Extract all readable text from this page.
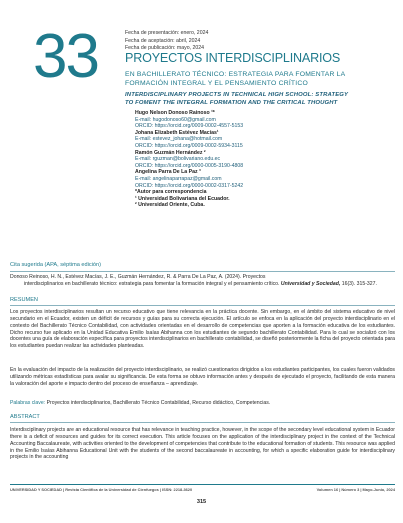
33	Fecha de presentación: enero, 2024
Fecha de aceptación: abril, 2024
Fecha de publicación: mayo, 2024
PROYECTOS INTERDISCIPLINARIOS
EN BACHILLERATO TÉCNICO: ESTRATEGIA PARA FOMENTAR LA
FORMACIÓN INTEGRAL Y EL PENSAMIENTO CRÍTICO
INTERDISCIPLINARY PROJECTS IN TECHNICAL HIGH SCHOOL: STRATEGY
TO FOMENT THE INTEGRAL FORMATION AND THE CRITICAL THOUGHT
Hugo Nelson Donoso Rainoso ¹*
E-mail: hugodonoso60@gmail.com
ORCID: https://orcid.org/0009-0002-4557-5153
Johana Elizabeth Estévez Macías¹
E-mail: estevez_johana@hotmail.com
ORCID: https://orcid.org/0009-0002-5934-3115
Ramón Guzmán Hernández ²
E-mail: rguzman@bolivariano.edu.ec
ORCID: https://orcid.org/0000-0005-3190-4808
Angelina Parra De La Paz ³
E-mail: angelinaparrapaz@gmail.com
ORCID: https://orcid.org/0000-0002-0317-5242
*Autor para correspondencia
¹ Universidad Bolivariana del Ecuador.
² Universidad Oriente, Cuba.
Cita sugerida (APA, séptima edición)
Donoso Reinoso, H. N., Estévez Macías, J. E., Guzmán Hernández, R. & Parra De La Paz, A. (2024). Proyectos
interdisciplinarios en bachillerato técnico: estrategia para fomentar la formación integral y el pensamiento crítico. Universidad y Sociedad, 16(3). 315-327.
RESUMEN
Los proyectos interdisciplinarios resultan un recurso educativo que tiene relevancia en la práctica docente. Sin embargo, en el ámbito del sistema educativo de nivel secundario en el Ecuador, existen un déficit de recursos y guías para su correcta ejecución. El artículo se enfoca en la aplicación del proyecto interdisciplinario en el contexto del Bachillerato Técnico Contabilidad, con actividades orientadas en el desarrollo de competencias que aporten a la formación educativa de los estudiantes. Dicho recurso fue aplicado en la Unidad Educativa Emilio Isaías Abihanna con los estudiantes de segundo bachillerato Contabilidad. Para lo cual se socializó con los docentes una guía de elaboración específica para proyectos interdisciplinarios en bachillerato contabilidad, se diseñó posteriormente la ficha del proyecto orientada para los estudiantes puedan realizar las actividades planteadas.
En la evaluación del impacto de la realización del proyecto interdisciplinario, se realizó cuestionarios dirigidos a los estudiantes participantes, los cuales fueron validados utilizando métricas estadísticas para avalar su significancia. De esta forma se obtuvo información antes y después de ejecutado el proyecto, facilitando de esta manera la valoración del aporte e impacto dentro del proceso de enseñanza – aprendizaje.
Palabras clave: Proyectos interdisciplinarios, Bachillerato Técnico Contabilidad, Recurso didáctico, Competencias.
ABSTRACT
Interdisciplinary projects are an educational resource that has relevance in teaching practice, however, in the scope of the secondary level educational system in Ecuador there is a deficit of resources and guides for its correct execution. This article focuses on the application of the interdisciplinary project in the context of the Technical Accounting Baccalaureate, with activities oriented to the development of competencies that contribute to the educational formation of students. This resource was applied in the Emilio Isaías Abihanna Educational Unit with the students of the second baccalaureate in accounting, for which a specific elaboration guide for interdisciplinary projects in the accounting
UNIVERSIDAD Y SOCIEDAD | Revista Científica de la Universidad de Cienfuegos | ISSN: 2218-3620	Volumen 16 | Número 3 | Mayo-Junio, 2024
315
